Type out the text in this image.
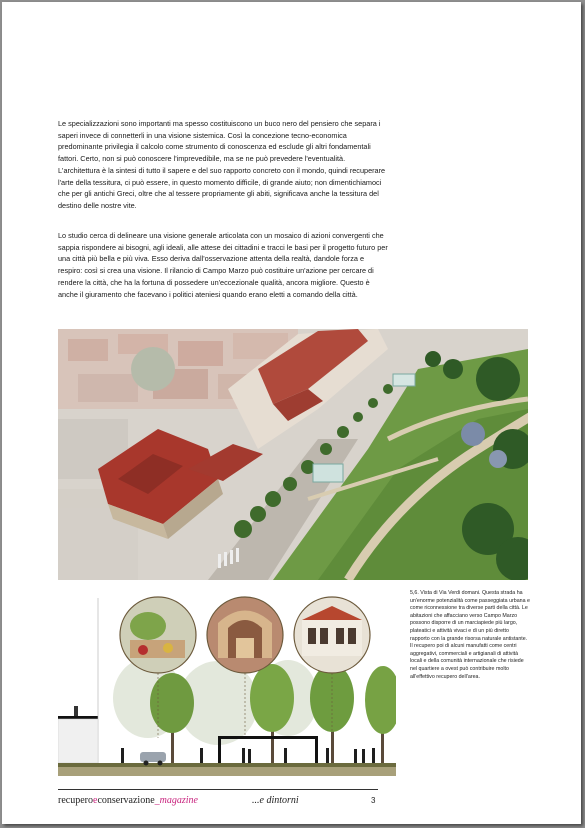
Le specializzazioni sono importanti ma spesso costituiscono un buco nero del pensiero che separa i saperi invece di connetterli in una visione sistemica. Così la concezione tecno-economica predominante privilegia il calcolo come strumento di conoscenza ed esclude gli altri fondamentali fattori. Certo, non si può conoscere l'imprevedibile, ma se ne può prevedere l'eventualità. L'architettura è la sintesi di tutto il sapere e del suo rapporto concreto con il mondo, quindi recuperare l'arte della tessitura, ci può essere, in questo momento difficile, di grande aiuto; non dimentichiamoci che per gli antichi Greci, oltre che al tessere propriamente gli abiti, significava anche la tessitura del destino delle nostre vite.

Lo studio cerca di delineare una visione generale articolata con un mosaico di azioni convergenti che sappia rispondere ai bisogni, agli ideali, alle attese dei cittadini e tracci le basi per il progetto futuro per una città più bella e più viva. Esso deriva dall'osservazione attenta della realtà, dandole forza e respiro: così si crea una visione. Il rilancio di Campo Marzo può costituire un'azione per cercare di rendere la città, che ha la fortuna di possedere un'eccezionale qualità, ancora migliore. Questo è anche il giuramento che facevano i politici ateniesi quando erano eletti a comando della città.

5,6. Vista di Via Verdi domani. Questa strada ha un'enorme potenzialità come passeggiata urbana e come riconnessione tra diverse parti della città. Le abitazioni che affacciano verso Campo Marzo possono disporre di un marciapiede più largo, plateatici e attività vivaci e di un più diretto rapporto con la grande risorsa naturale antistante. Il recupero poi di alcuni manufatti come centri aggregativi, commerciali e artigianali di attività locali e della comunità internazionale che risiede nel quartiere a ovest può contribuire molto all'effettivo recupero dell'area.

recuperoeconservazione_magazine	...e dintorni	3
